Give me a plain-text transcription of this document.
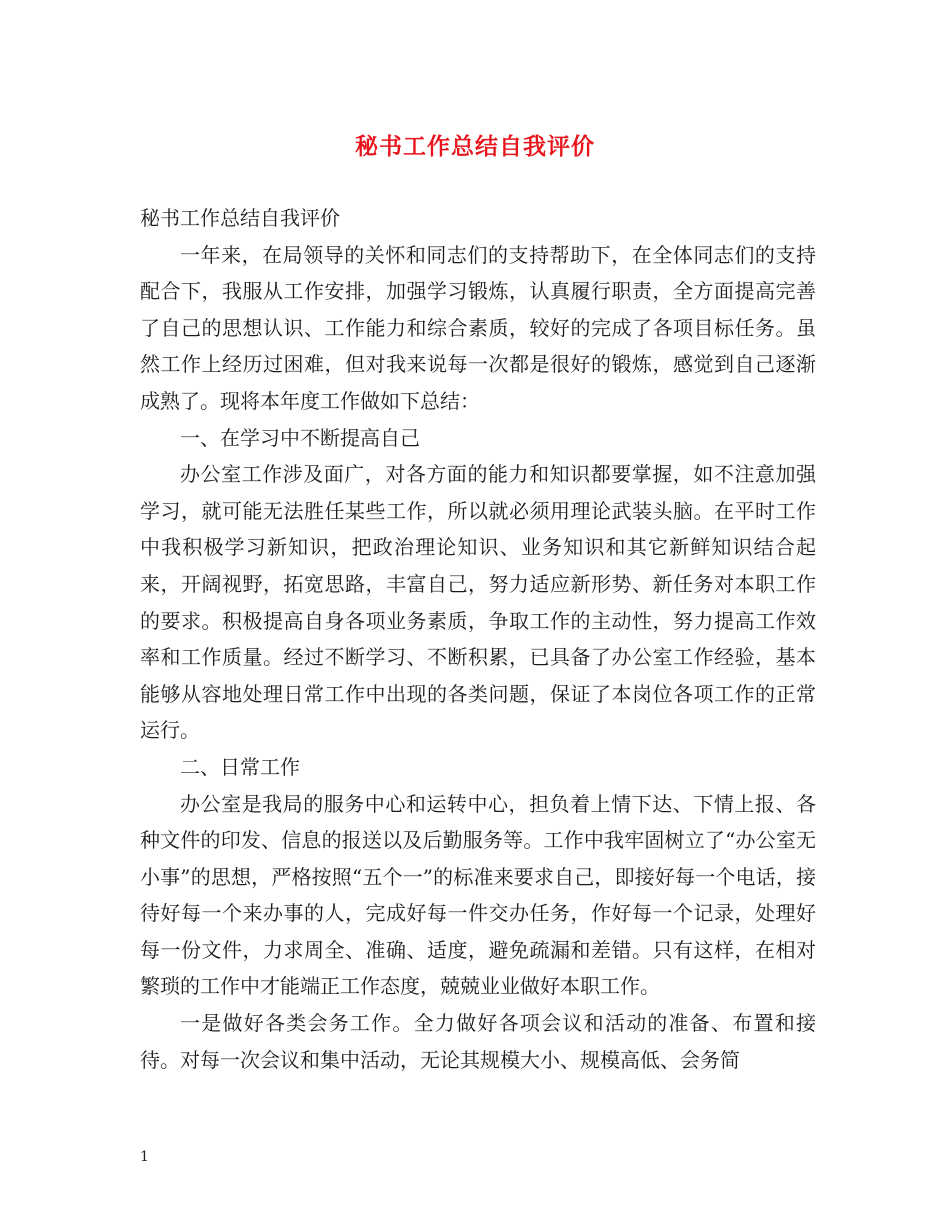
秘书工作总结自我评价

秘书工作总结自我评价

一年来，在局领导的关怀和同志们的支持帮助下，在全体同志们的支持配合下，我服从工作安排，加强学习锻炼，认真履行职责，全方面提高完善了自己的思想认识、工作能力和综合素质，较好的完成了各项目标任务。虽然工作上经历过困难，但对我来说每一次都是很好的锻炼，感觉到自己逐渐成熟了。现将本年度工作做如下总结：

一、在学习中不断提高自己

办公室工作涉及面广，对各方面的能力和知识都要掌握，如不注意加强学习，就可能无法胜任某些工作，所以就必须用理论武装头脑。在平时工作中我积极学习新知识，把政治理论知识、业务知识和其它新鲜知识结合起来，开阔视野，拓宽思路，丰富自己，努力适应新形势、新任务对本职工作的要求。积极提高自身各项业务素质，争取工作的主动性，努力提高工作效率和工作质量。经过不断学习、不断积累，已具备了办公室工作经验，基本能够从容地处理日常工作中出现的各类问题，保证了本岗位各项工作的正常运行。

二、日常工作

办公室是我局的服务中心和运转中心，担负着上情下达、下情上报、各种文件的印发、信息的报送以及后勤服务等。工作中我牢固树立了“办公室无小事”的思想，严格按照“五个一”的标准来要求自己，即接好每一个电话，接待好每一个来办事的人，完成好每一件交办任务，作好每一个记录，处理好每一份文件，力求周全、准确、适度，避免疏漏和差错。只有这样，在相对繁琐的工作中才能端正工作态度，兢兢业业做好本职工作。

一是做好各类会务工作。全力做好各项会议和活动的准备、布置和接待。对每一次会议和集中活动，无论其规模大小、规模高低、会务简

1
